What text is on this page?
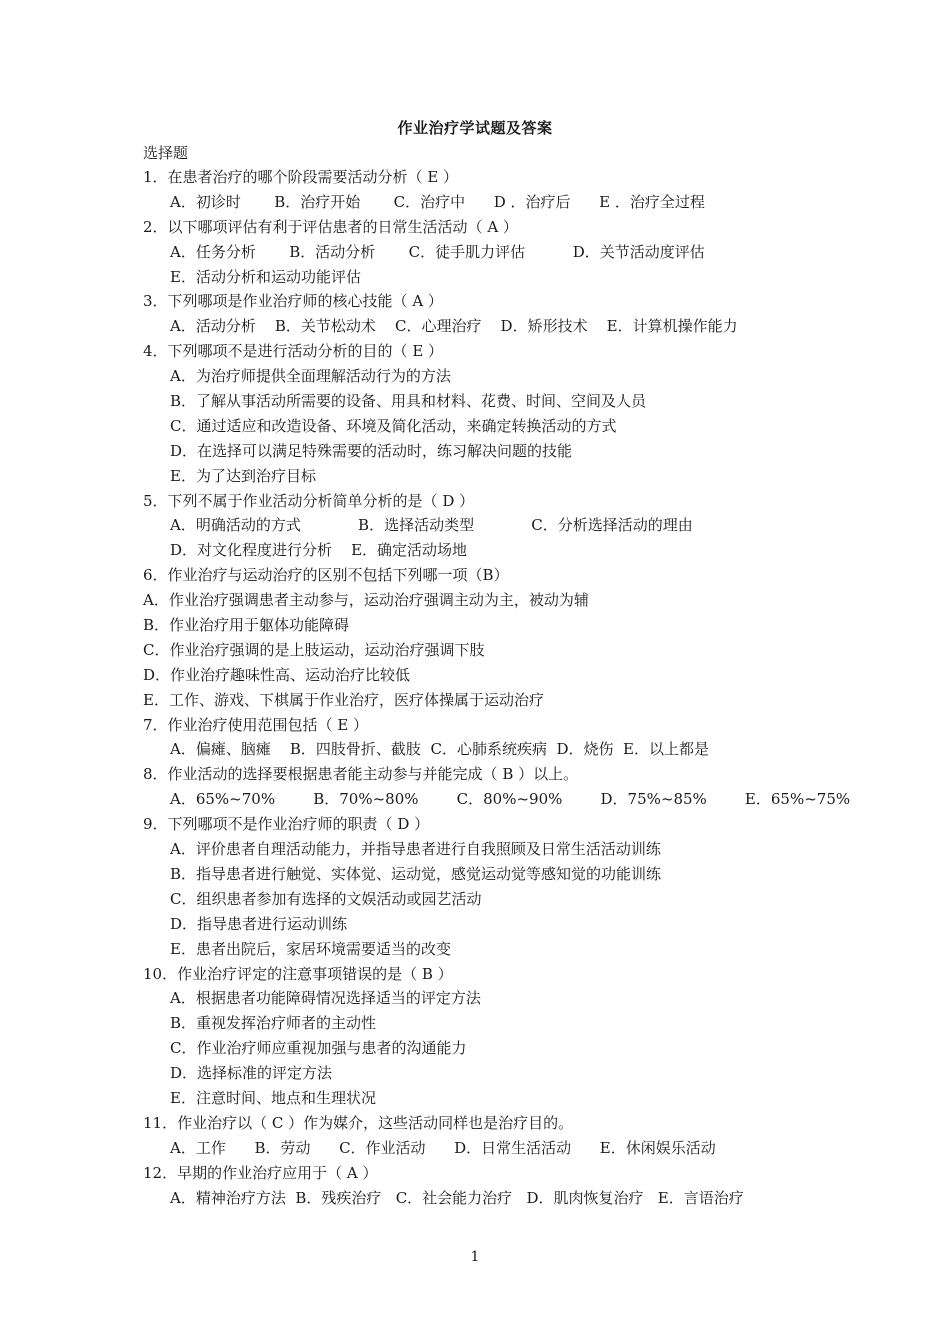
作业治疗学试题及答案
选择题
1．在患者治疗的哪个阶段需要活动分析（ E ）
A．初诊时       B．治疗开始       C．治疗中      D ．治疗后      E ．治疗全过程
2．以下哪项评估有利于评估患者的日常生活活动（ A ）
A．任务分析       B．活动分析       C．徒手肌力评估          D．关节活动度评估
E．活动分析和运动功能评估
3．下列哪项是作业治疗师的核心技能（ A ）
A．活动分析    B．关节松动术    C．心理治疗    D．矫形技术    E．计算机操作能力
4．下列哪项不是进行活动分析的目的（ E ）
A．为治疗师提供全面理解活动行为的方法
B．了解从事活动所需要的设备、用具和材料、花费、时间、空间及人员
C．通过适应和改造设备、环境及简化活动，来确定转换活动的方式
D．在选择可以满足特殊需要的活动时，练习解决问题的技能
E．为了达到治疗目标
5．下列不属于作业活动分析简单分析的是（ D ）
A．明确活动的方式            B．选择活动类型            C．分析选择活动的理由
D．对文化程度进行分析    E．确定活动场地
6．作业治疗与运动治疗的区别不包括下列哪一项（B）
A．作业治疗强调患者主动参与，运动治疗强调主动为主，被动为辅
B．作业治疗用于躯体功能障碍
C．作业治疗强调的是上肢运动，运动治疗强调下肢
D．作业治疗趣味性高、运动治疗比较低
E．工作、游戏、下棋属于作业治疗，医疗体操属于运动治疗
7．作业治疗使用范围包括（ E ）
A．偏瘫、脑瘫    B．四肢骨折、截肢  C．心肺系统疾病  D．烧伤  E．以上都是
8．作业活动的选择要根据患者能主动参与并能完成（ B ）以上。
A．65%~70%        B．70%~80%        C．80%~90%        D．75%~85%        E．65%~75%
9．下列哪项不是作业治疗师的职责（ D ）
A．评价患者自理活动能力，并指导患者进行自我照顾及日常生活活动训练
B．指导患者进行触觉、实体觉、运动觉，感觉运动觉等感知觉的功能训练
C．组织患者参加有选择的文娱活动或园艺活动
D．指导患者进行运动训练
E．患者出院后，家居环境需要适当的改变
10．作业治疗评定的注意事项错误的是（ B ）
A．根据患者功能障碍情况选择适当的评定方法
B．重视发挥治疗师者的主动性
C．作业治疗师应重视加强与患者的沟通能力
D．选择标准的评定方法
E．注意时间、地点和生理状况
11．作业治疗以（ C ）作为媒介，这些活动同样也是治疗目的。
A．工作      B．劳动      C．作业活动      D．日常生活活动      E．休闲娱乐活动
12．早期的作业治疗应用于（ A ）
A．精神治疗方法  B．残疾治疗   C．社会能力治疗   D．肌肉恢复治疗   E．言语治疗
1
